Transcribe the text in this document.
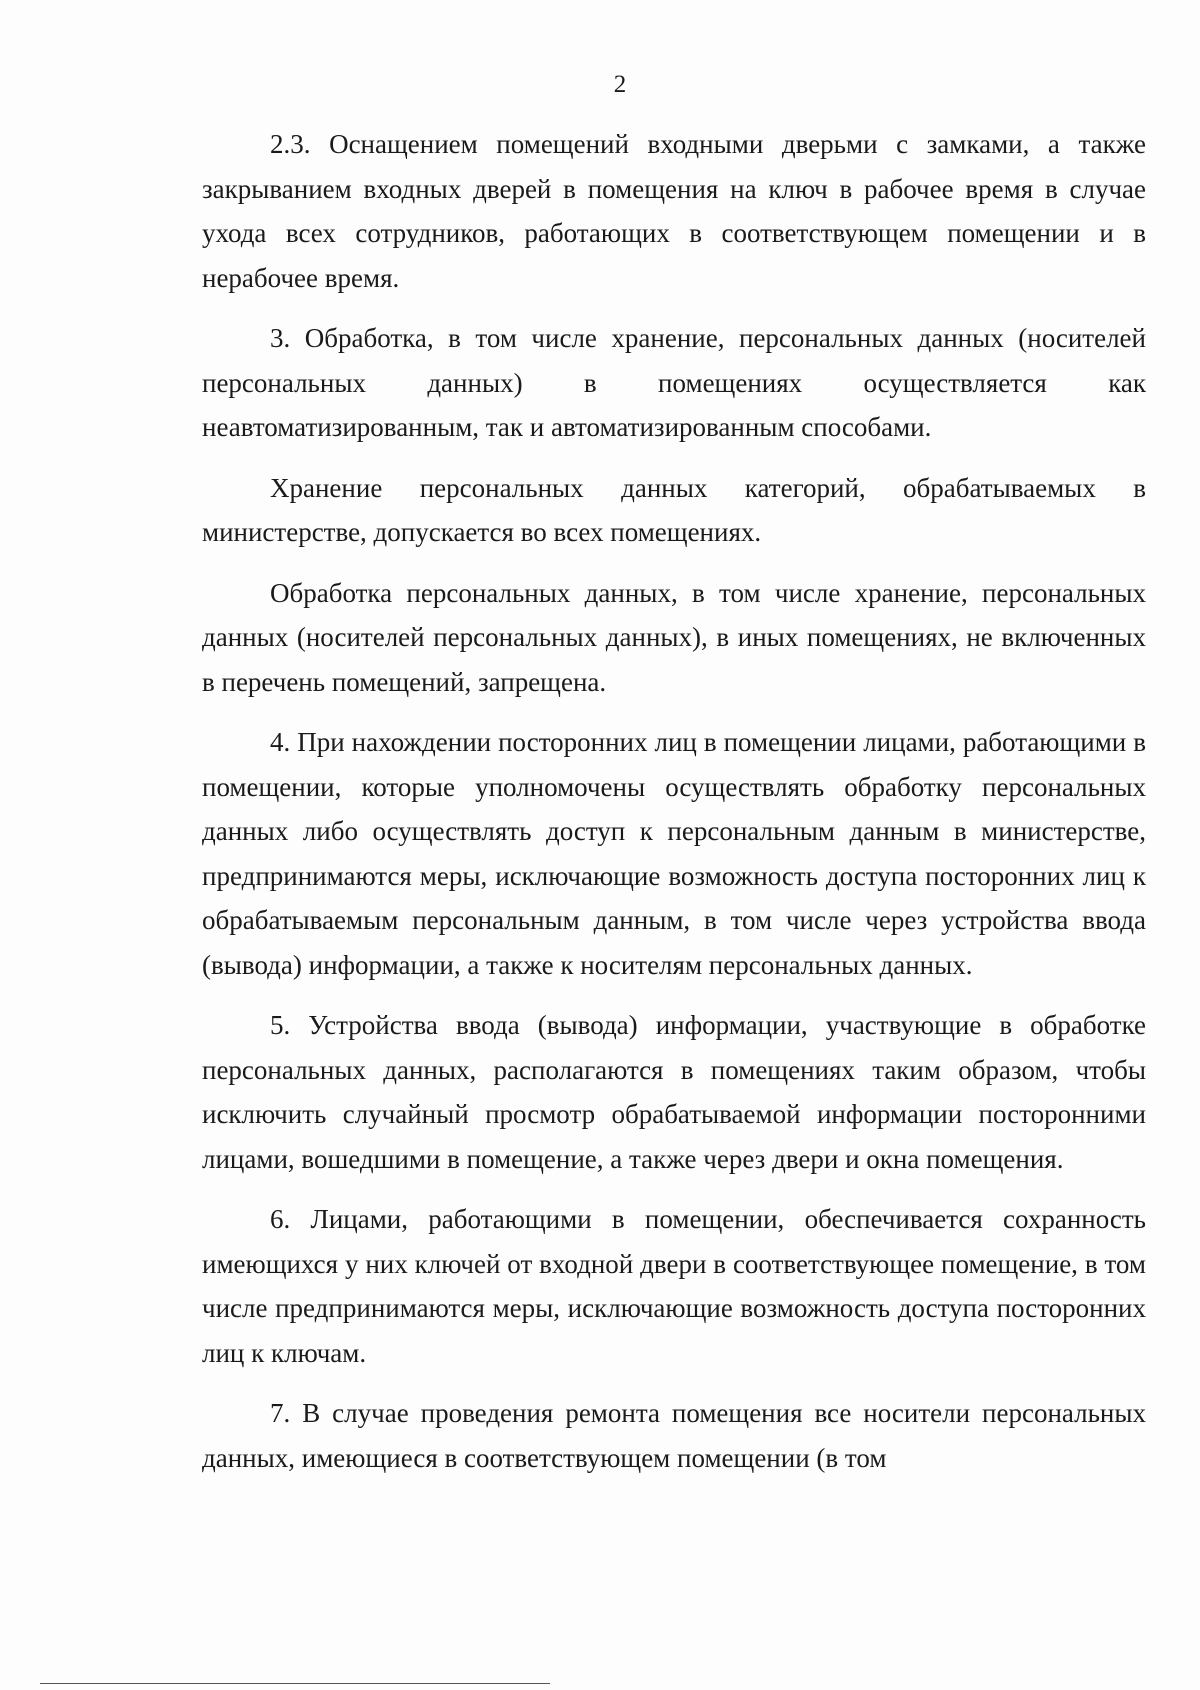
2

2.3. Оснащением помещений входными дверьми с замками, а также закрыванием входных дверей в помещения на ключ в рабочее время в случае ухода всех сотрудников, работающих в соответствующем помещении и в нерабочее время.

3. Обработка, в том числе хранение, персональных данных (носителей персональных данных) в помещениях осуществляется как неавтоматизированным, так и автоматизированным способами.

Хранение персональных данных категорий, обрабатываемых в министерстве, допускается во всех помещениях.

Обработка персональных данных, в том числе хранение, персональных данных (носителей персональных данных), в иных помещениях, не включенных в перечень помещений, запрещена.

4. При нахождении посторонних лиц в помещении лицами, работающими в помещении, которые уполномочены осуществлять обработку персональных данных либо осуществлять доступ к персональным данным в министерстве, предпринимаются меры, исключающие возможность доступа посторонних лиц к обрабатываемым персональным данным, в том числе через устройства ввода (вывода) информации, а также к носителям персональных данных.

5. Устройства ввода (вывода) информации, участвующие в обработке персональных данных, располагаются в помещениях таким образом, чтобы исключить случайный просмотр обрабатываемой информации посторонними лицами, вошедшими в помещение, а также через двери и окна помещения.

6. Лицами, работающими в помещении, обеспечивается сохранность имеющихся у них ключей от входной двери в соответствующее помещение, в том числе предпринимаются меры, исключающие возможность доступа посторонних лиц к ключам.

7. В случае проведения ремонта помещения все носители персональных данных, имеющиеся в соответствующем помещении (в том
